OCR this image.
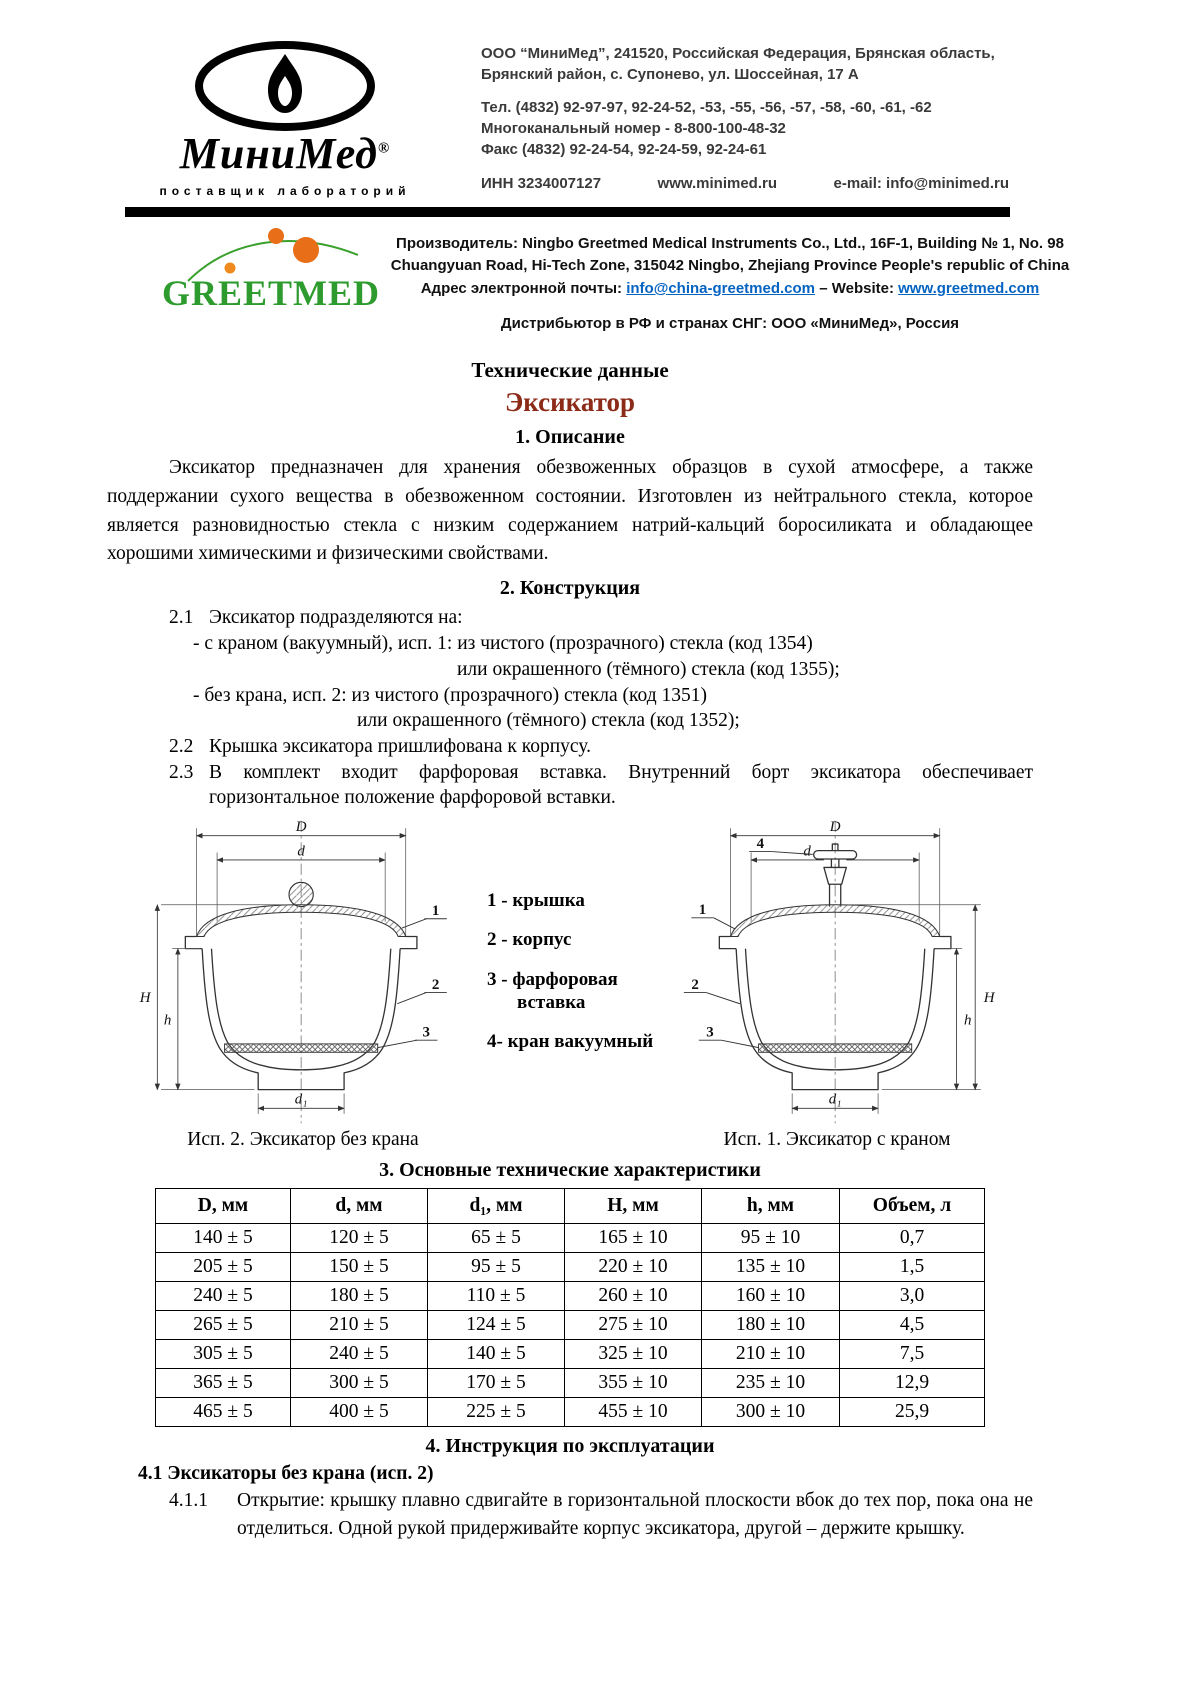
МиниМед®
поставщик лабораторий

ООО “МиниМед”, 241520, Российская Федерация, Брянская область,

Брянский район, с. Супонево, ул. Шоссейная, 17 А

Тел. (4832) 92-97-97, 92-24-52, -53, -55, -56, -57, -58, -60, -61, -62

Многоканальный номер - 8-800-100-48-32

Факс (4832) 92-24-54, 92-24-59, 92-24-61

ИНН 3234007127	www.minimed.ru	e-mail: info@minimed.ru
GREETMED

Производитель: Ningbo Greetmed Medical Instruments Co., Ltd., 16F-1, Building № 1, No. 98

Chuangyuan Road, Hi-Tech Zone, 315042 Ningbo, Zhejiang Province People's republic of China

Адрес электронной почты: info@china-greetmed.com – Website: www.greetmed.com

Дистрибьютор в РФ и странах СНГ: ООО «МиниМед», Россия

Технические данные
Эксикатор
1. Описание

Эксикатор предназначен для хранения обезвоженных образцов в сухой атмосфере, а также поддержании сухого вещества в обезвоженном состоянии. Изготовлен из нейтрального стекла, которое является разновидностью стекла с низким содержанием натрий-кальций боросиликата и обладающее хорошими химическими и физическими свойствами.

2. Конструкция
2.1 Эксикатор подразделяются на:
- с краном (вакуумный), исп. 1: из чистого (прозрачного) стекла (код 1354)
или окрашенного (тёмного) стекла (код 1355);
- без крана, исп. 2: из чистого (прозрачного) стекла (код 1351)
или окрашенного (тёмного) стекла (код 1352);
2.2 Крышка эксикатора пришлифована к корпусу.
2.3 В комплект входит фарфоровая вставка. Внутренний борт эксикатора обеспечивает горизонтальное положение фарфоровой вставки.
D
d
d₁
H
h
1
2
3
1 - крышка
2 - корпус
3 - фарфоровая вставка
4- кран вакуумный
D
d
d₁
H
h
4
1
2
3
Исп. 2. Эксикатор без крана	Исп. 1. Эксикатор с краном
3. Основные технические характеристики
D, мм	d, мм	d₁, мм	H, мм	h, мм	Объем, л
140 ± 5	120 ± 5	65 ± 5	165 ± 10	95 ± 10	0,7
205 ± 5	150 ± 5	95 ± 5	220 ± 10	135 ± 10	1,5
240 ± 5	180 ± 5	110 ± 5	260 ± 10	160 ± 10	3,0
265 ± 5	210 ± 5	124 ± 5	275 ± 10	180 ± 10	4,5
305 ± 5	240 ± 5	140 ± 5	325 ± 10	210 ± 10	7,5
365 ± 5	300 ± 5	170 ± 5	355 ± 10	235 ± 10	12,9
465 ± 5	400 ± 5	225 ± 5	455 ± 10	300 ± 10	25,9
4. Инструкция по эксплуатации
4.1 Эксикаторы без крана (исп. 2)
4.1.1	Открытие: крышку плавно сдвигайте в горизонтальной плоскости вбок до тех пор, пока она не отделиться. Одной рукой придерживайте корпус эксикатора, другой – держите крышку.
